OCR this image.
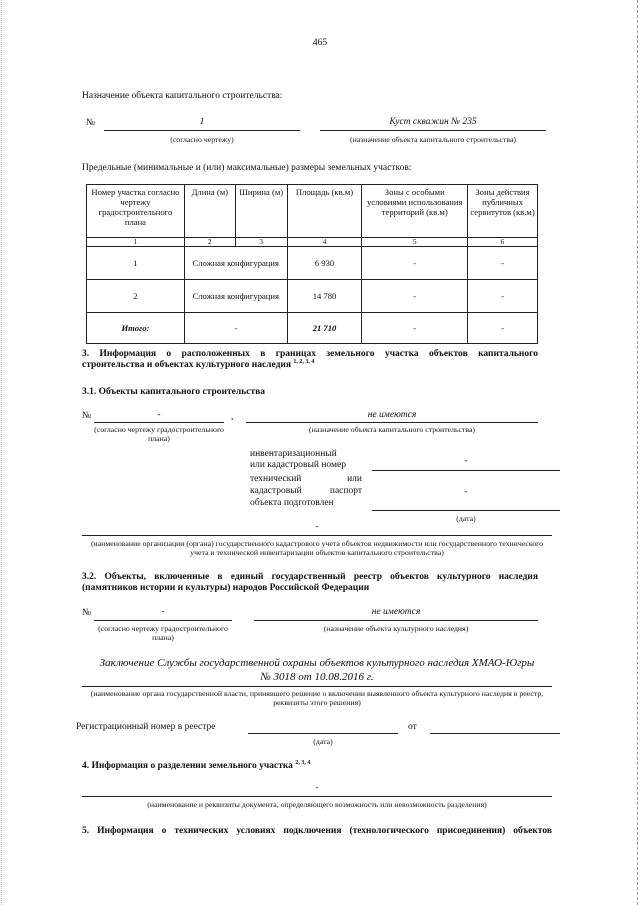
465
Назначение объекта капитального строительства:
№	1
(согласно чертежу)
Куст скважин № 235
(назначение объекта капитального строительства)
Предельные (минимальные и (или) максимальные) размеры земельных участков:
Номер участка согласно чертежу градостроительного плана	Длина (м)	Ширина (м)	Площадь (кв.м)	Зоны с особыми условиями использования территорий (кв.м)	Зоны действия публичных сервитутов (кв.м)
1	2	3	4	5	6
1	Сложная конфигурация		6 930	-	-
2	Сложная конфигурация		14 780	-	-
Итого:	-		21 710	-	-
3. Информация о расположенных в границах земельного участка объектов капитального
строительства и объектах культурного наследия $^{1, 2, 3, 4}$
3.1. Объекты капитального строительства
№	-	,
(согласно чертежу градостроительного плана)
не имеются
(назначение объекта капитального строительства)
инвентаризационный
или кадастровый номер	-
технический	или
кадастровый	паспорт
объекта подготовлен
-
(дата)
-
(наименование организации (органа) государственного кадастрового учета объектов недвижимости или государственного технического учета и технической инвентаризации объектов капитального строительства)
3.2. Объекты, включенные в единый государственный реестр объектов культурного наследия (памятников истории и культуры) народов Российской Федерации
№	-
(согласно чертежу градостроительного плана)
не имеются
(назначение объекта культурного наследия)
Заключение Службы государственной охраны объектов культурного наследия ХМАО-Югры
№ 3018 от 10.08.2016 г.
(наименование органа государственной власти, принявшего решение о включении выявленного объекта культурного наследия в реестр, реквизиты этого решения)
Регистрационный номер в реестре	от
(дата)
4. Информация о разделении земельного участка $^{2, 3, 4}$
-
(наименование и реквизиты документа, определяющего возможность или невозможность разделения)
5. Информация о технических условиях подключения (технологического присоединения) объектов
